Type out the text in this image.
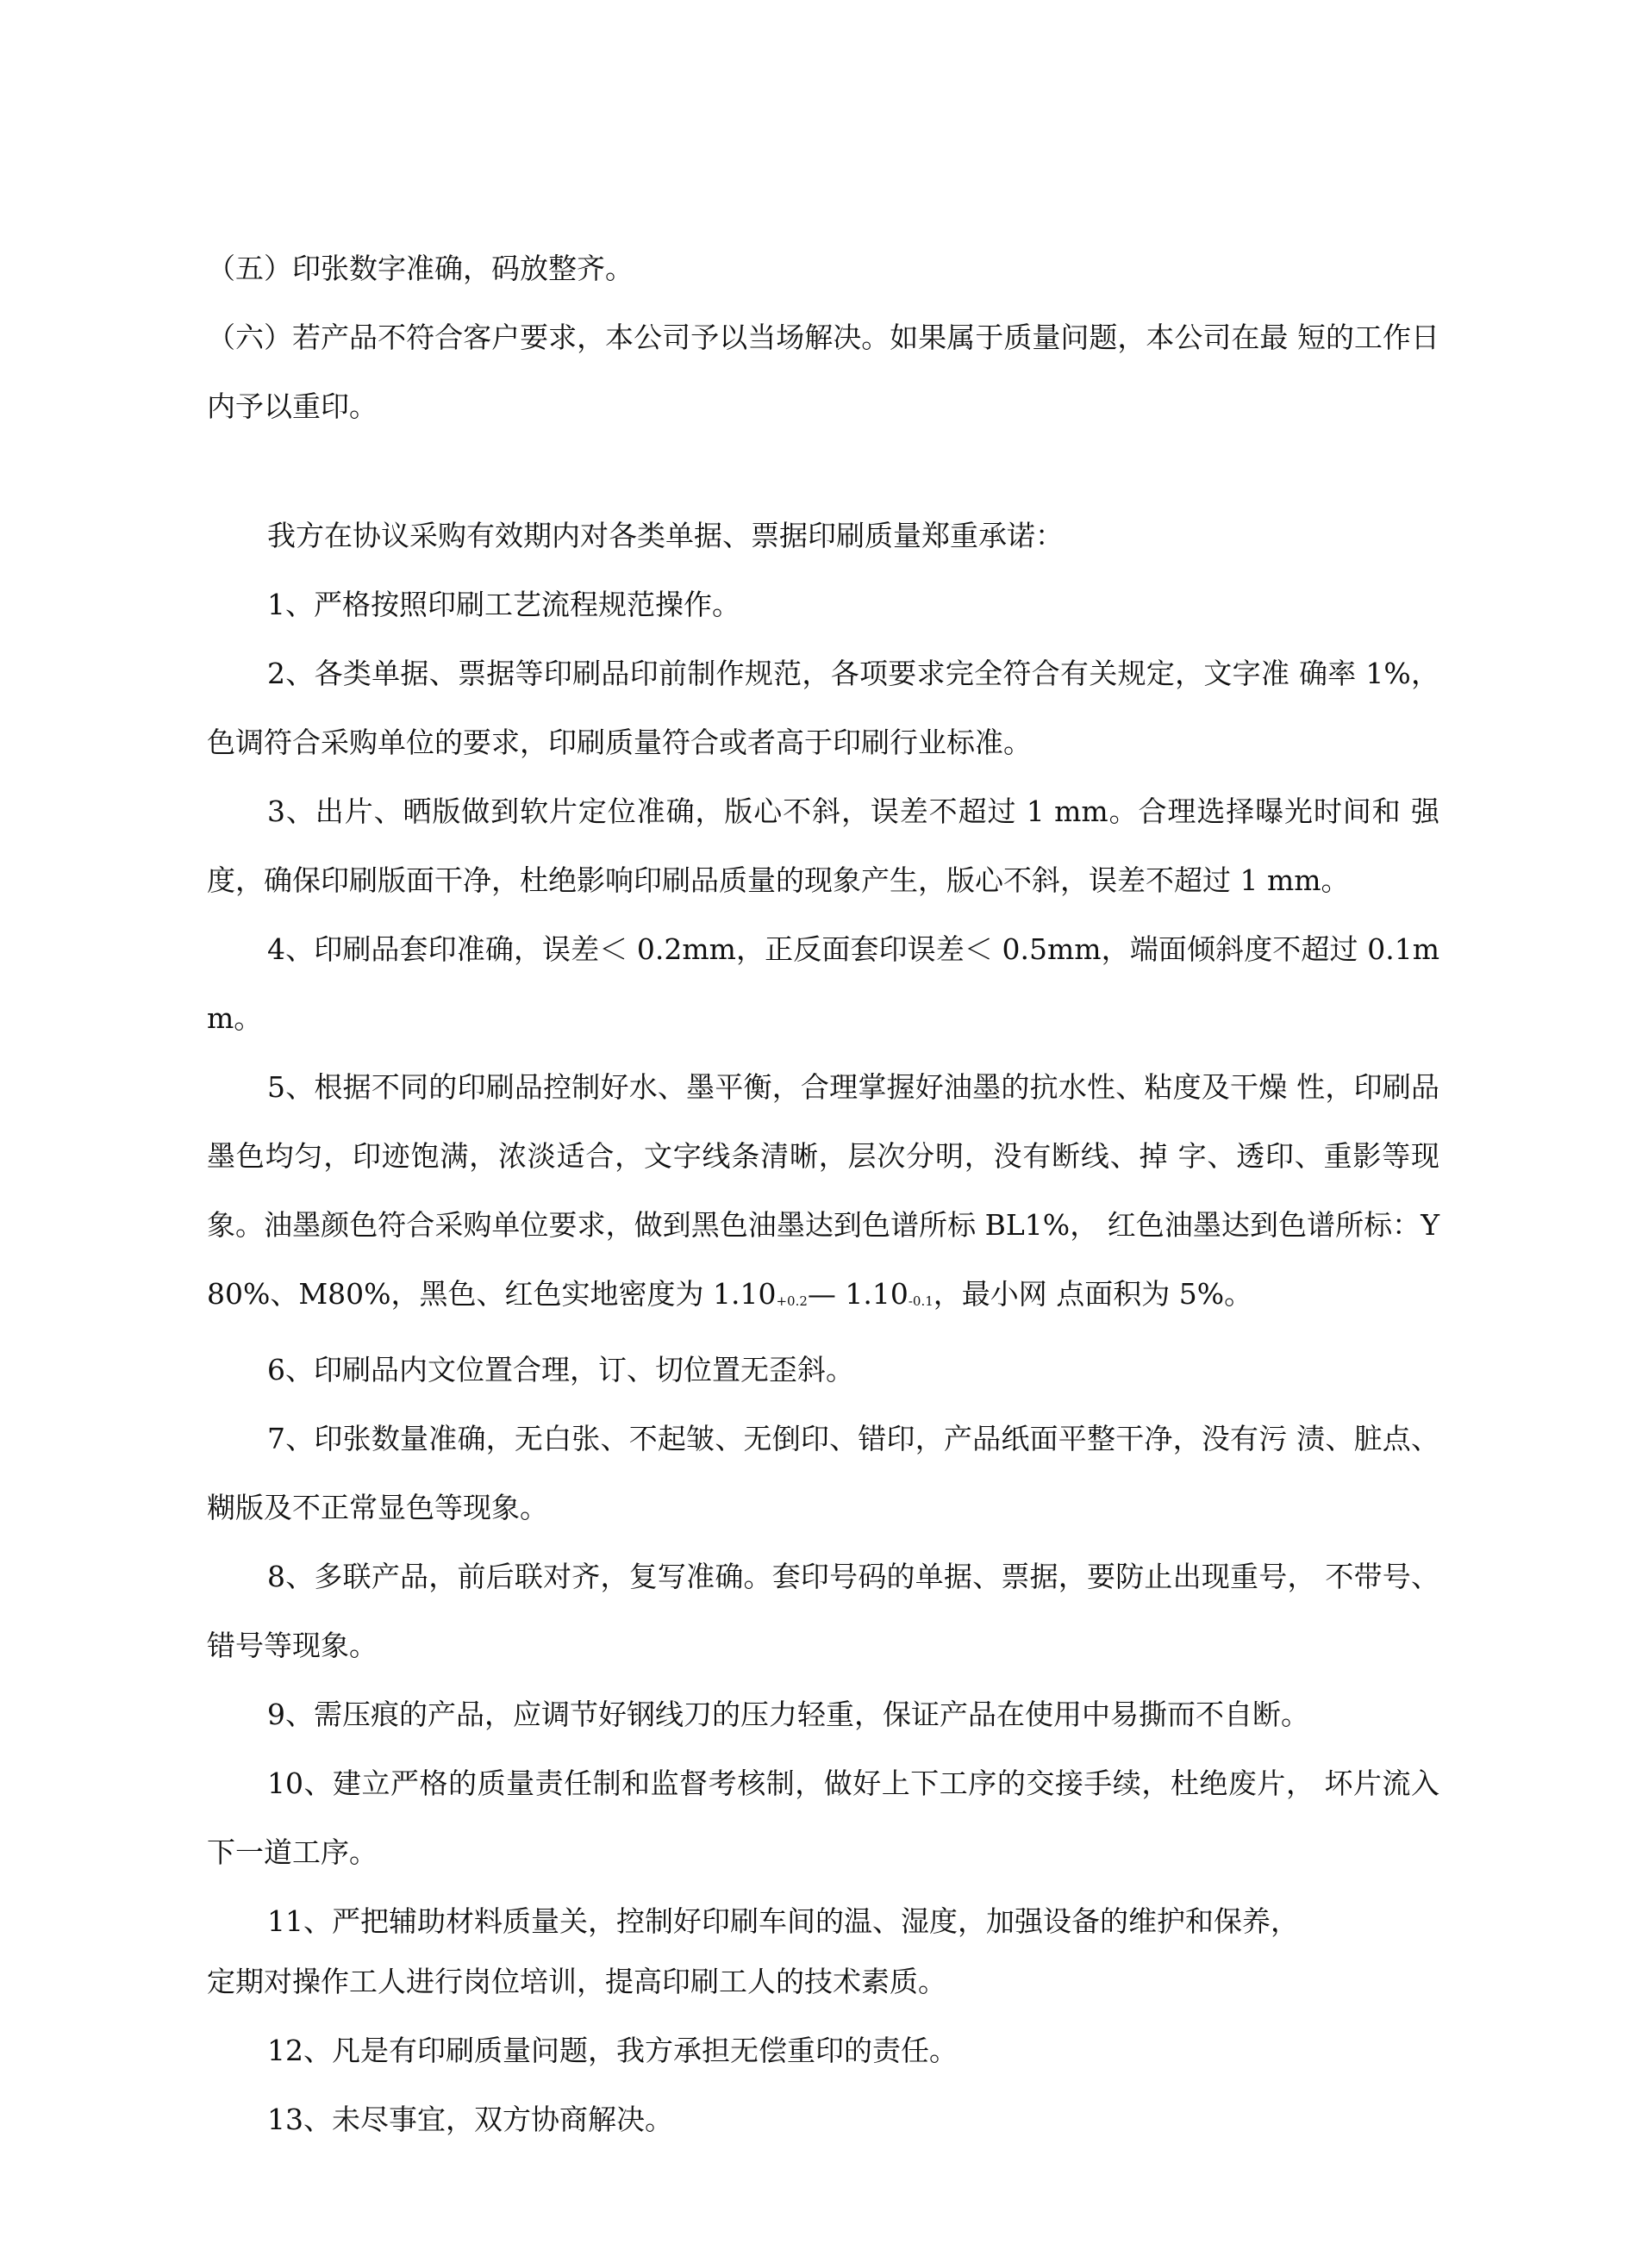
（五）印张数字准确，码放整齐。

（六）若产品不符合客户要求，本公司予以当场解决。如果属于质量问题，本公司在最 短的工作日内予以重印。

我方在协议采购有效期内对各类单据、票据印刷质量郑重承诺：

1、严格按照印刷工艺流程规范操作。

2、各类单据、票据等印刷品印前制作规范，各项要求完全符合有关规定，文字准 确率 1%，色调符合采购单位的要求，印刷质量符合或者高于印刷行业标准。

3、出片、晒版做到软片定位准确，版心不斜，误差不超过 1 mm。合理选择曝光时间和 强度，确保印刷版面干净，杜绝影响印刷品质量的现象产生，版心不斜，误差不超过 1 mm。

4、印刷品套印准确，误差＜ 0.2mm，正反面套印误差＜ 0.5mm，端面倾斜度不超过 0.1mm。

5、根据不同的印刷品控制好水、墨平衡，合理掌握好油墨的抗水性、粘度及干燥 性，印刷品墨色均匀，印迹饱满，浓淡适合，文字线条清晰，层次分明，没有断线、掉 字、透印、重影等现象。油墨颜色符合采购单位要求，做到黑色油墨达到色谱所标 BL1%， 红色油墨达到色谱所标：Y80%、M80%，黑色、红色实地密度为 $1.10_{+0.2}—$ $1.10_{-0.1}$，最小网 点面积为 5%。

6、印刷品内文位置合理，订、切位置无歪斜。

7、印张数量准确，无白张、不起皱、无倒印、错印，产品纸面平整干净，没有污 渍、脏点、糊版及不正常显色等现象。

8、多联产品，前后联对齐，复写准确。套印号码的单据、票据，要防止出现重号， 不带号、错号等现象。

9、需压痕的产品，应调节好钢线刀的压力轻重，保证产品在使用中易撕而不自断。

10、建立严格的质量责任制和监督考核制，做好上下工序的交接手续，杜绝废片， 坏片流入下一道工序。

11、严把辅助材料质量关，控制好印刷车间的温、湿度，加强设备的维护和保养，

定期对操作工人进行岗位培训，提高印刷工人的技术素质。

12、凡是有印刷质量问题，我方承担无偿重印的责任。

13、未尽事宜，双方协商解决。
